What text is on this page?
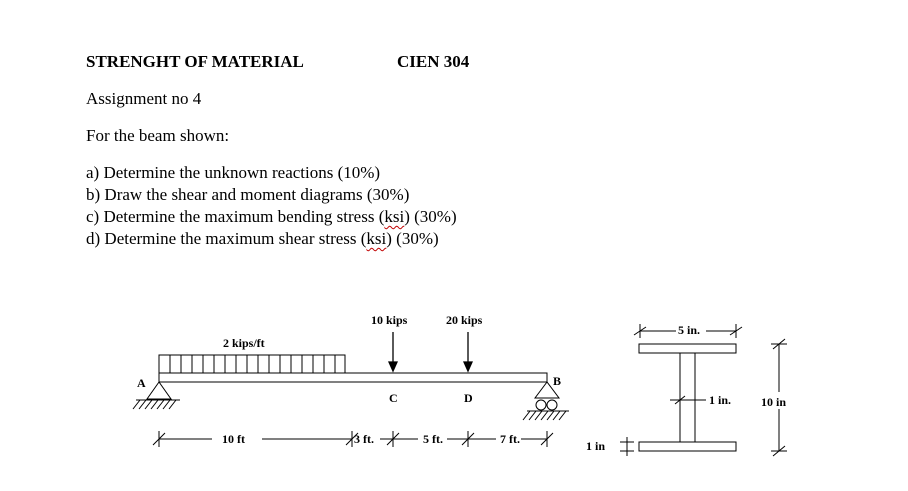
STRENGHT OF MATERIAL	CIEN 304
Assignment no 4
For the beam shown:
a) Determine the unknown reactions (10%)
b) Draw the shear and moment diagrams (30%)
c) Determine the maximum bending stress (ksi) (30%)
d) Determine the maximum shear stress (ksi) (30%)
2 kips/ft
10 kips	20 kips
A	B
C	D
10 ft	3 ft.	5 ft.	7 ft.
5 in.
1 in. 10 in
1 in
